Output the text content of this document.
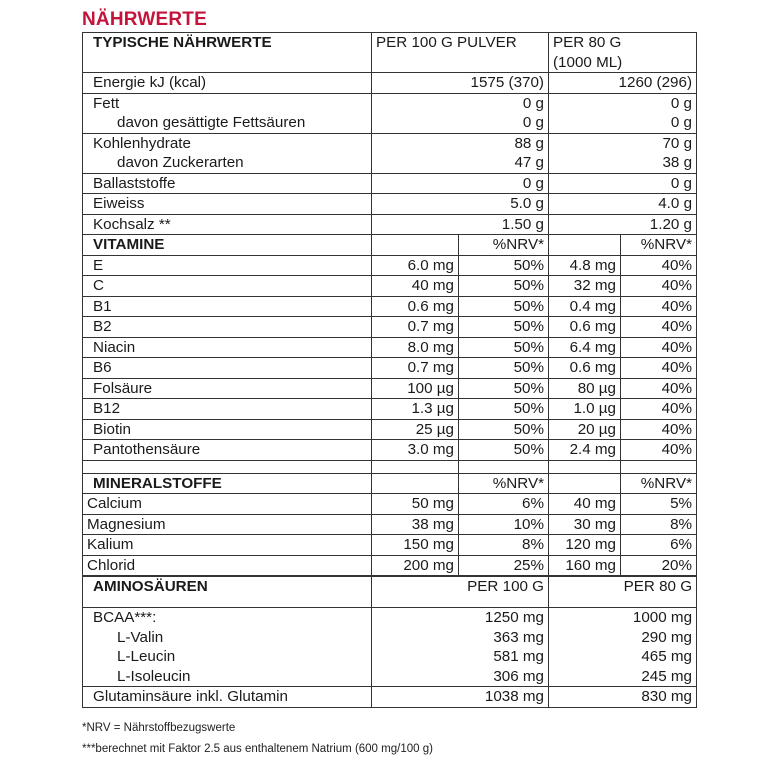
NÄHRWERTE
TYPISCHE NÄHRWERTE	PER 100 G PULVER		PER 80 G
(1000 ML)	
Energie kJ (kcal)	1575 (370)		1260 (296)	
Fett	0 g		0 g	
davon gesättigte Fettsäuren	0 g		0 g	
Kohlenhydrate	88 g		70 g	
davon Zuckerarten	47 g		38 g	
Ballaststoffe	0 g		0 g	
Eiweiss	5.0 g		4.0 g	
Kochsalz **	1.50 g		1.20 g	
VITAMINE		%NRV*		%NRV*
E	6.0 mg	50%	4.8 mg	40%
C	40 mg	50%	32 mg	40%
B1	0.6 mg	50%	0.4 mg	40%
B2	0.7 mg	50%	0.6 mg	40%
Niacin	8.0 mg	50%	6.4 mg	40%
B6	0.7 mg	50%	0.6 mg	40%
Folsäure	100 µg	50%	80 µg	40%
B12	1.3 µg	50%	1.0 µg	40%
Biotin	25 µg	50%	20 µg	40%
Pantothensäure	3.0 mg	50%	2.4 mg	40%

MINERALSTOFFE		%NRV*		%NRV*
Calcium	50 mg	6%	40 mg	5%
Magnesium	38 mg	10%	30 mg	8%
Kalium	150 mg	8%	120 mg	6%
Chlorid	200 mg	25%	160 mg	20%

AMINOSÄUREN	PER 100 G		PER 80 G	
BCAA***:	1250 mg		1000 mg	
L-Valin	363 mg		290 mg	
L-Leucin	581 mg		465 mg	
L-Isoleucin	306 mg		245 mg	
Glutaminsäure inkl. Glutamin	1038 mg		830 mg	
*NRV = Nährstoffbezugswerte
***berechnet mit Faktor 2.5 aus enthaltenem Natrium (600 mg/100 g)
